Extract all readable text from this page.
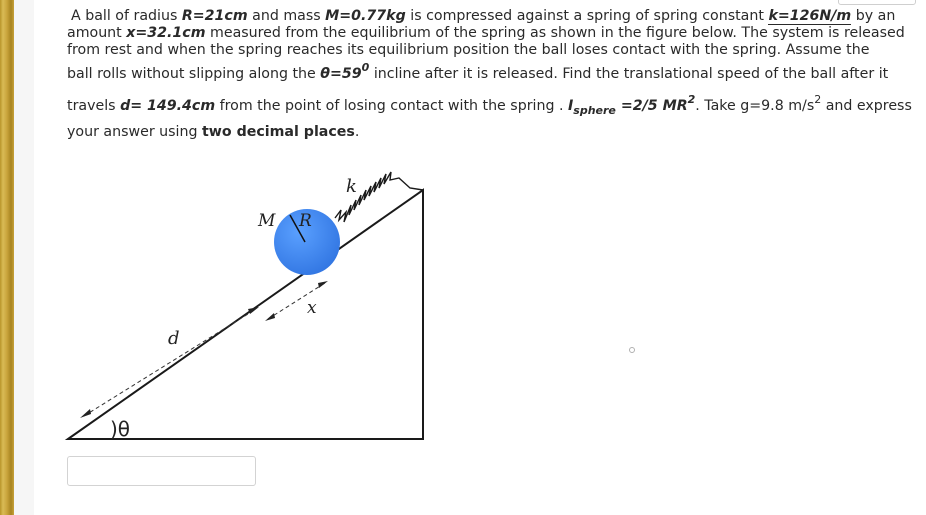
A ball of radius R=21cm and mass M=0.77kg is compressed against a spring of spring constant k=126N/m by an
amount x=32.1cm measured from the equilibrium of the spring as shown in the figure below. The system is released
from rest and when the spring reaches its equilibrium position the ball loses contact with the spring. Assume the
ball rolls without slipping along the $\theta=59^0$ incline after it is released. Find the translational speed of the ball after it
travels d= 149.4cm from the point of losing contact with the spring . $I_{sphere} =2/5$ $MR^2$. Take g=9.8 $m/s^2$ and express
your answer using two decimal places.
k
M R
x
d
)θ
